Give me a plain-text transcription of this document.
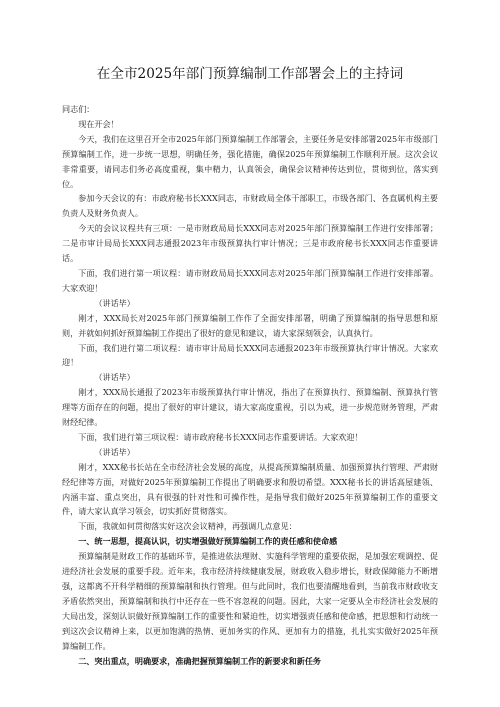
在全市2025年部门预算编制工作部署会上的主持词

同志们：

现在开会！

今天，我们在这里召开全市2025年部门预算编制工作部署会，主要任务是安排部署2025年市级部门预算编制工作，进一步统一思想，明确任务，强化措施，确保2025年预算编制工作顺利开展。这次会议非常重要，请同志们务必高度重视，集中精力，认真领会，确保会议精神传达到位，贯彻到位，落实到位。

参加今天会议的有：市政府秘书长XXX同志，市财政局全体干部职工，市级各部门、各直属机构主要负责人及财务负责人。

今天的会议议程共有三项：一是市财政局局长XXX同志对2025年部门预算编制工作进行安排部署；二是市审计局局长XXX同志通报2023年市级预算执行审计情况；三是市政府秘书长XXX同志作重要讲话。

下面，我们进行第一项议程：请市财政局局长XXX同志对2025年部门预算编制工作进行安排部署。大家欢迎！

（讲话毕）

刚才，XXX局长对2025年部门预算编制工作作了全面安排部署，明确了预算编制的指导思想和原则，并就如何抓好预算编制工作提出了很好的意见和建议，请大家深刻领会，认真执行。

下面，我们进行第二项议程：请市审计局局长XXX同志通报2023年市级预算执行审计情况。大家欢迎！

（讲话毕）

刚才，XXX局长通报了2023年市级预算执行审计情况，指出了在预算执行、预算编制、预算执行管理等方面存在的问题，提出了很好的审计建议，请大家高度重视，引以为戒，进一步规范财务管理，严肃财经纪律。

下面，我们进行第三项议程：请市政府秘书长XXX同志作重要讲话。大家欢迎！

（讲话毕）

刚才，XXX秘书长站在全市经济社会发展的高度，从提高预算编制质量、加强预算执行管理、严肃财经纪律等方面，对做好2025年预算编制工作提出了明确要求和殷切希望。XXX秘书长的讲话高屋建瓴、内涵丰富、重点突出，具有很强的针对性和可操作性，是指导我们做好2025年预算编制工作的重要文件，请大家认真学习领会，切实抓好贯彻落实。

下面，我就如何贯彻落实好这次会议精神，再强调几点意见：

一、统一思想，提高认识，切实增强做好预算编制工作的责任感和使命感

预算编制是财政工作的基础环节，是推进依法理财、实施科学管理的重要依据，是加强宏观调控、促进经济社会发展的重要手段。近年来，我市经济持续健康发展，财政收入稳步增长，财政保障能力不断增强，这都离不开科学精细的预算编制和执行管理。但与此同时，我们也要清醒地看到，当前我市财政收支矛盾依然突出，预算编制和执行中还存在一些不容忽视的问题。因此，大家一定要从全市经济社会发展的大局出发，深刻认识做好预算编制工作的重要性和紧迫性，切实增强责任感和使命感，把思想和行动统一到这次会议精神上来，以更加饱满的热情、更加务实的作风、更加有力的措施，扎扎实实做好2025年预算编制工作。

二、突出重点，明确要求，准确把握预算编制工作的新要求和新任务
